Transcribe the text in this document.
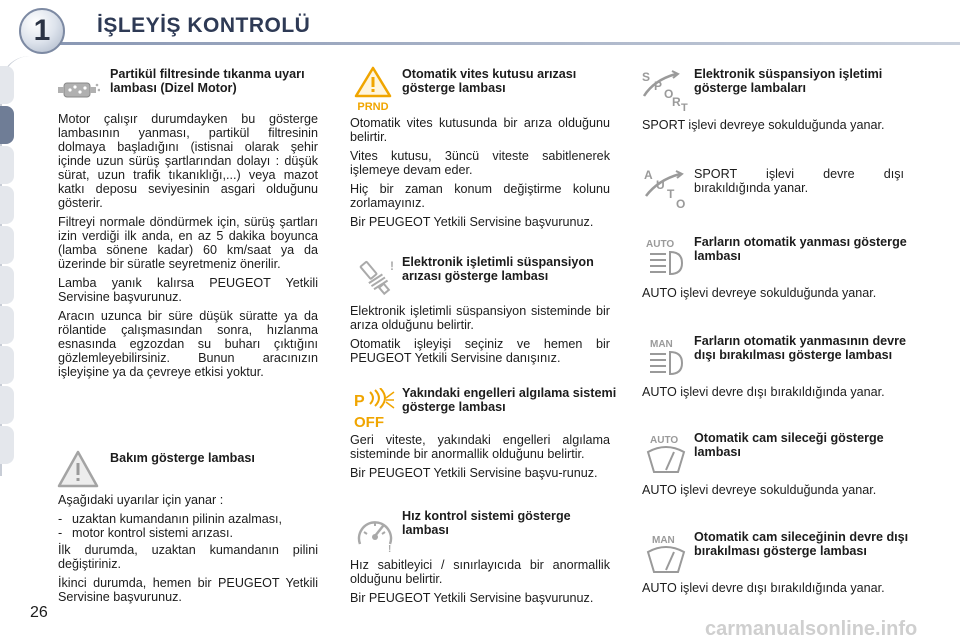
1 İŞLEYİŞ KONTROLÜ
Partikül filtresinde tıkanma uyarı lambası (Dizel Motor)

Motor çalışır durumdayken bu gösterge lambasının yanması, partikül filtresinin dolmaya başladığını (istisnai olarak şehir içinde uzun sürüş şartlarından dolayı : düşük sürat, uzun trafik tıkanıklığı,...) veya mazot katkı deposu seviyesinin asgari olduğunu gösterir.

Filtreyi normale döndürmek için, sürüş şartları izin verdiği ilk anda, en az 5 dakika boyunca (lamba sönene kadar) 60 km/saat ya da üzerinde bir süratle seyretmeniz önerilir.

Lamba yanık kalırsa PEUGEOT Yetkili Servisine başvurunuz.

Aracın uzunca bir süre düşük süratte ya da rölantide çalışmasından sonra, hızlanma esnasında egzozdan su buharı çıktığını gözlemleyebilirsiniz. Bunun aracınızın işleyişine ya da çevreye etkisi yoktur.

Bakım gösterge lambası

Aşağıdaki uyarılar için yanar :

- uzaktan kumandanın pilinin azalması,
- motor kontrol sistemi arızası.

İlk durumda, uzaktan kumandanın pilini değiştiriniz.

İkinci durumda, hemen bir PEUGEOT Yetkili Servisine başvurunuz.

PRND
Otomatik vites kutusu arızası gösterge lambası

Otomatik vites kutusunda bir arıza olduğunu belirtir.

Vites kutusu, 3üncü viteste sabitlenerek işlemeye devam eder.

Hiç bir zaman konum değiştirme kolunu zorlamayınız.

Bir PEUGEOT Yetkili Servisine başvurunuz.

! Elektronik işletimli süspansiyon arızası gösterge lambası

Elektronik işletimli süspansiyon sisteminde bir arıza olduğunu belirtir.

Otomatik işleyişi seçiniz ve hemen bir PEUGEOT Yetkili Servisine danışınız.

P
OFF
Yakındaki engelleri algılama sistemi gösterge lambası

Geri viteste, yakındaki engelleri algılama sisteminde bir anormallik olduğunu belirtir.

Bir PEUGEOT Yetkili Servisine başvu-runuz.

!
Hız kontrol sistemi gösterge lambası

Hız sabitleyici / sınırlayıcıda bir anormallik olduğunu belirtir.

Bir PEUGEOT Yetkili Servisine başvurunuz.

S
P
O
R T
Elektronik süspansiyon işletimi gösterge lambaları
SPORT işlevi devreye sokulduğunda yanar.
A
U
T
O
SPORT işlevi devre dışı bırakıldığında yanar.
AUTO Farların otomatik yanması gösterge lambası
AUTO işlevi devreye sokulduğunda yanar.
MAN Farların otomatik yanmasının devre dışı bırakılması gösterge lambası
AUTO işlevi devre dışı bırakıldığında yanar.
AUTO Otomatik cam sileceği gösterge lambası
AUTO işlevi devreye sokulduğunda yanar.
MAN Otomatik cam sileceğinin devre dışı bırakılması gösterge lambası
AUTO işlevi devre dışı bırakıldığında yanar.
26
carmanualsonline.info
